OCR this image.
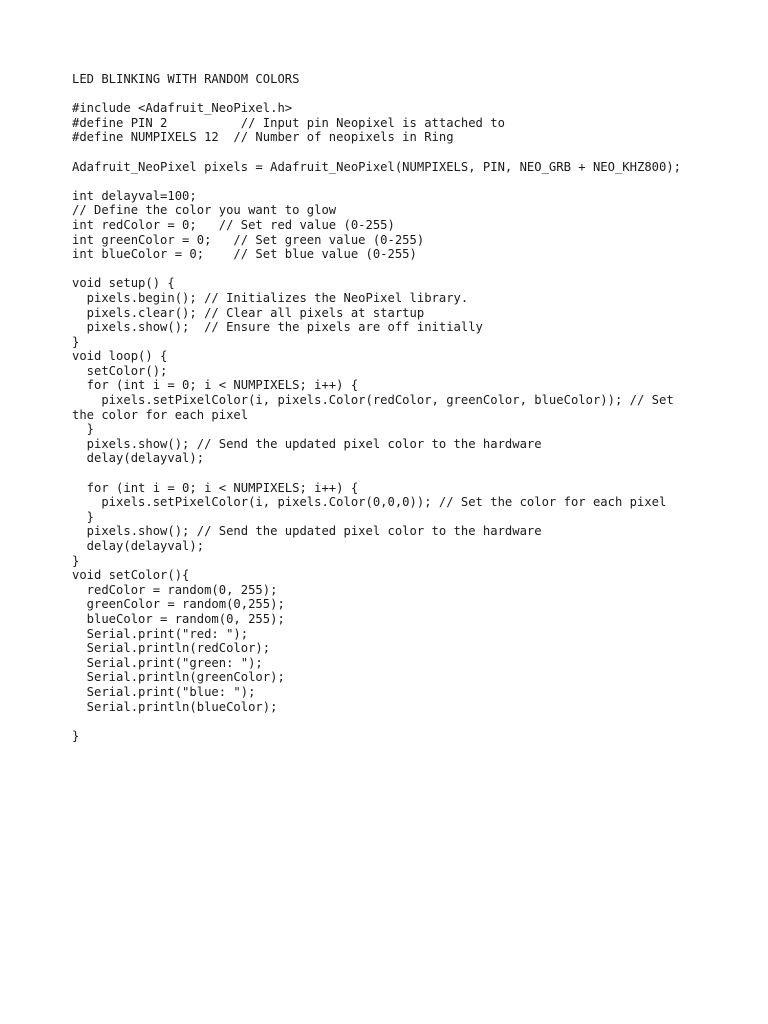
LED BLINKING WITH RANDOM COLORS
#include <Adafruit_NeoPixel.h>
#define PIN 2          // Input pin Neopixel is attached to
#define NUMPIXELS 12  // Number of neopixels in Ring
Adafruit_NeoPixel pixels = Adafruit_NeoPixel(NUMPIXELS, PIN, NEO_GRB + NEO_KHZ800);
int delayval=100;
// Define the color you want to glow
int redColor = 0;   // Set red value (0-255)
int greenColor = 0;   // Set green value (0-255)
int blueColor = 0;    // Set blue value (0-255)
void setup() {
pixels.begin(); // Initializes the NeoPixel library.
pixels.clear(); // Clear all pixels at startup
pixels.show();  // Ensure the pixels are off initially
}
void loop() {
setColor();
for (int i = 0; i < NUMPIXELS; i++) {
pixels.setPixelColor(i, pixels.Color(redColor, greenColor, blueColor)); // Set
the color for each pixel
}
pixels.show(); // Send the updated pixel color to the hardware
delay(delayval);
for (int i = 0; i < NUMPIXELS; i++) {
pixels.setPixelColor(i, pixels.Color(0,0,0)); // Set the color for each pixel
}
pixels.show(); // Send the updated pixel color to the hardware
delay(delayval);
}
void setColor(){
redColor = random(0, 255);
greenColor = random(0,255);
blueColor = random(0, 255);
Serial.print("red: ");
Serial.println(redColor);
Serial.print("green: ");
Serial.println(greenColor);
Serial.print("blue: ");
Serial.println(blueColor);
}
